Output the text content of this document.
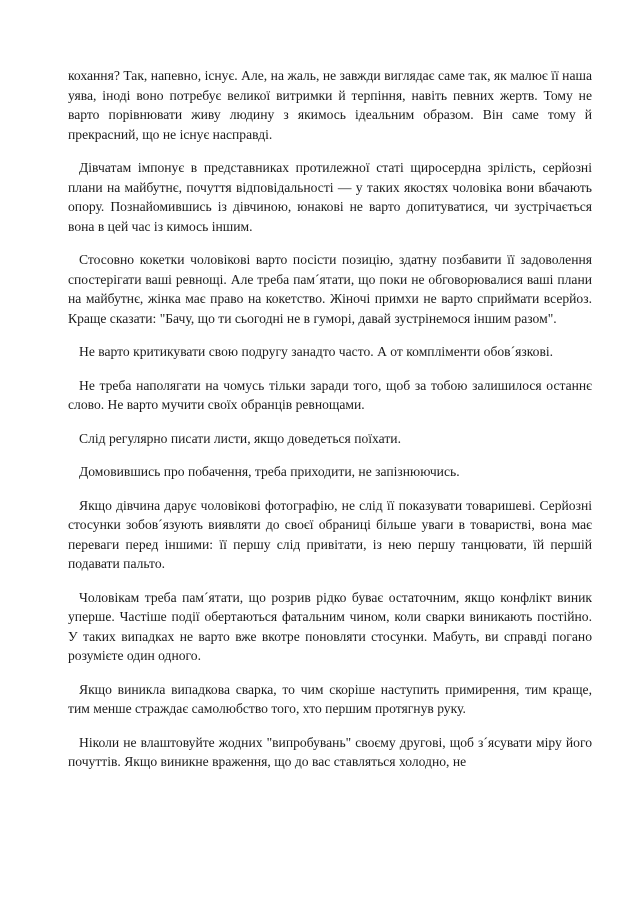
кохання? Так, напевно, існує. Але, на жаль, не завжди виглядає саме так, як малює її наша уява, іноді воно потребує великої витримки й терпіння, навіть певних жертв. Тому не варто порівнювати живу людину з якимось ідеальним образом. Він саме тому й прекрасний, що не існує насправді.

Дівчатам імпонує в представниках протилежної статі щиросердна зрілість, серйозні плани на майбутнє, почуття відповідальності — у таких якостях чоловіка вони вбачають опору. Познайомившись із дівчиною, юнакові не варто допитуватися, чи зустрічається вона в цей час із кимось іншим.

Стосовно кокетки чоловікові варто посісти позицію, здатну позбавити її задоволення спостерігати ваші ревнощі. Але треба пам´ятати, що поки не обговорювалися ваші плани на майбутнє, жінка має право на кокетство. Жіночі примхи не варто сприймати всерйоз. Краще сказати: "Бачу, що ти сьогодні не в гуморі, давай зустрінемося іншим разом".

Не варто критикувати свою подругу занадто часто. А от компліменти обов´язкові.

Не треба наполягати на чомусь тільки заради того, щоб за тобою залишилося останнє слово. Не варто мучити своїх обранців ревнощами.

Слід регулярно писати листи, якщо доведеться поїхати.

Домовившись про побачення, треба приходити, не запізнюючись.

Якщо дівчина дарує чоловікові фотографію, не слід її показувати товаришеві. Серйозні стосунки зобов´язують виявляти до своєї обраниці більше уваги в товаристві, вона має переваги перед іншими: її першу слід привітати, із нею першу танцювати, їй першій подавати пальто.

Чоловікам треба пам´ятати, що розрив рідко буває остаточним, якщо конфлікт виник уперше. Частіше події обертаються фатальним чином, коли сварки виникають постійно. У таких випадках не варто вже вкотре поновляти стосунки. Мабуть, ви справді погано розумієте один одного.

Якщо виникла випадкова сварка, то чим скоріше наступить примирення, тим краще, тим менше страждає самолюбство того, хто першим протягнув руку.

Ніколи не влаштовуйте жодних "випробувань" своєму другові, щоб з´ясувати міру його почуттів. Якщо виникне враження, що до вас ставляться холодно, не
